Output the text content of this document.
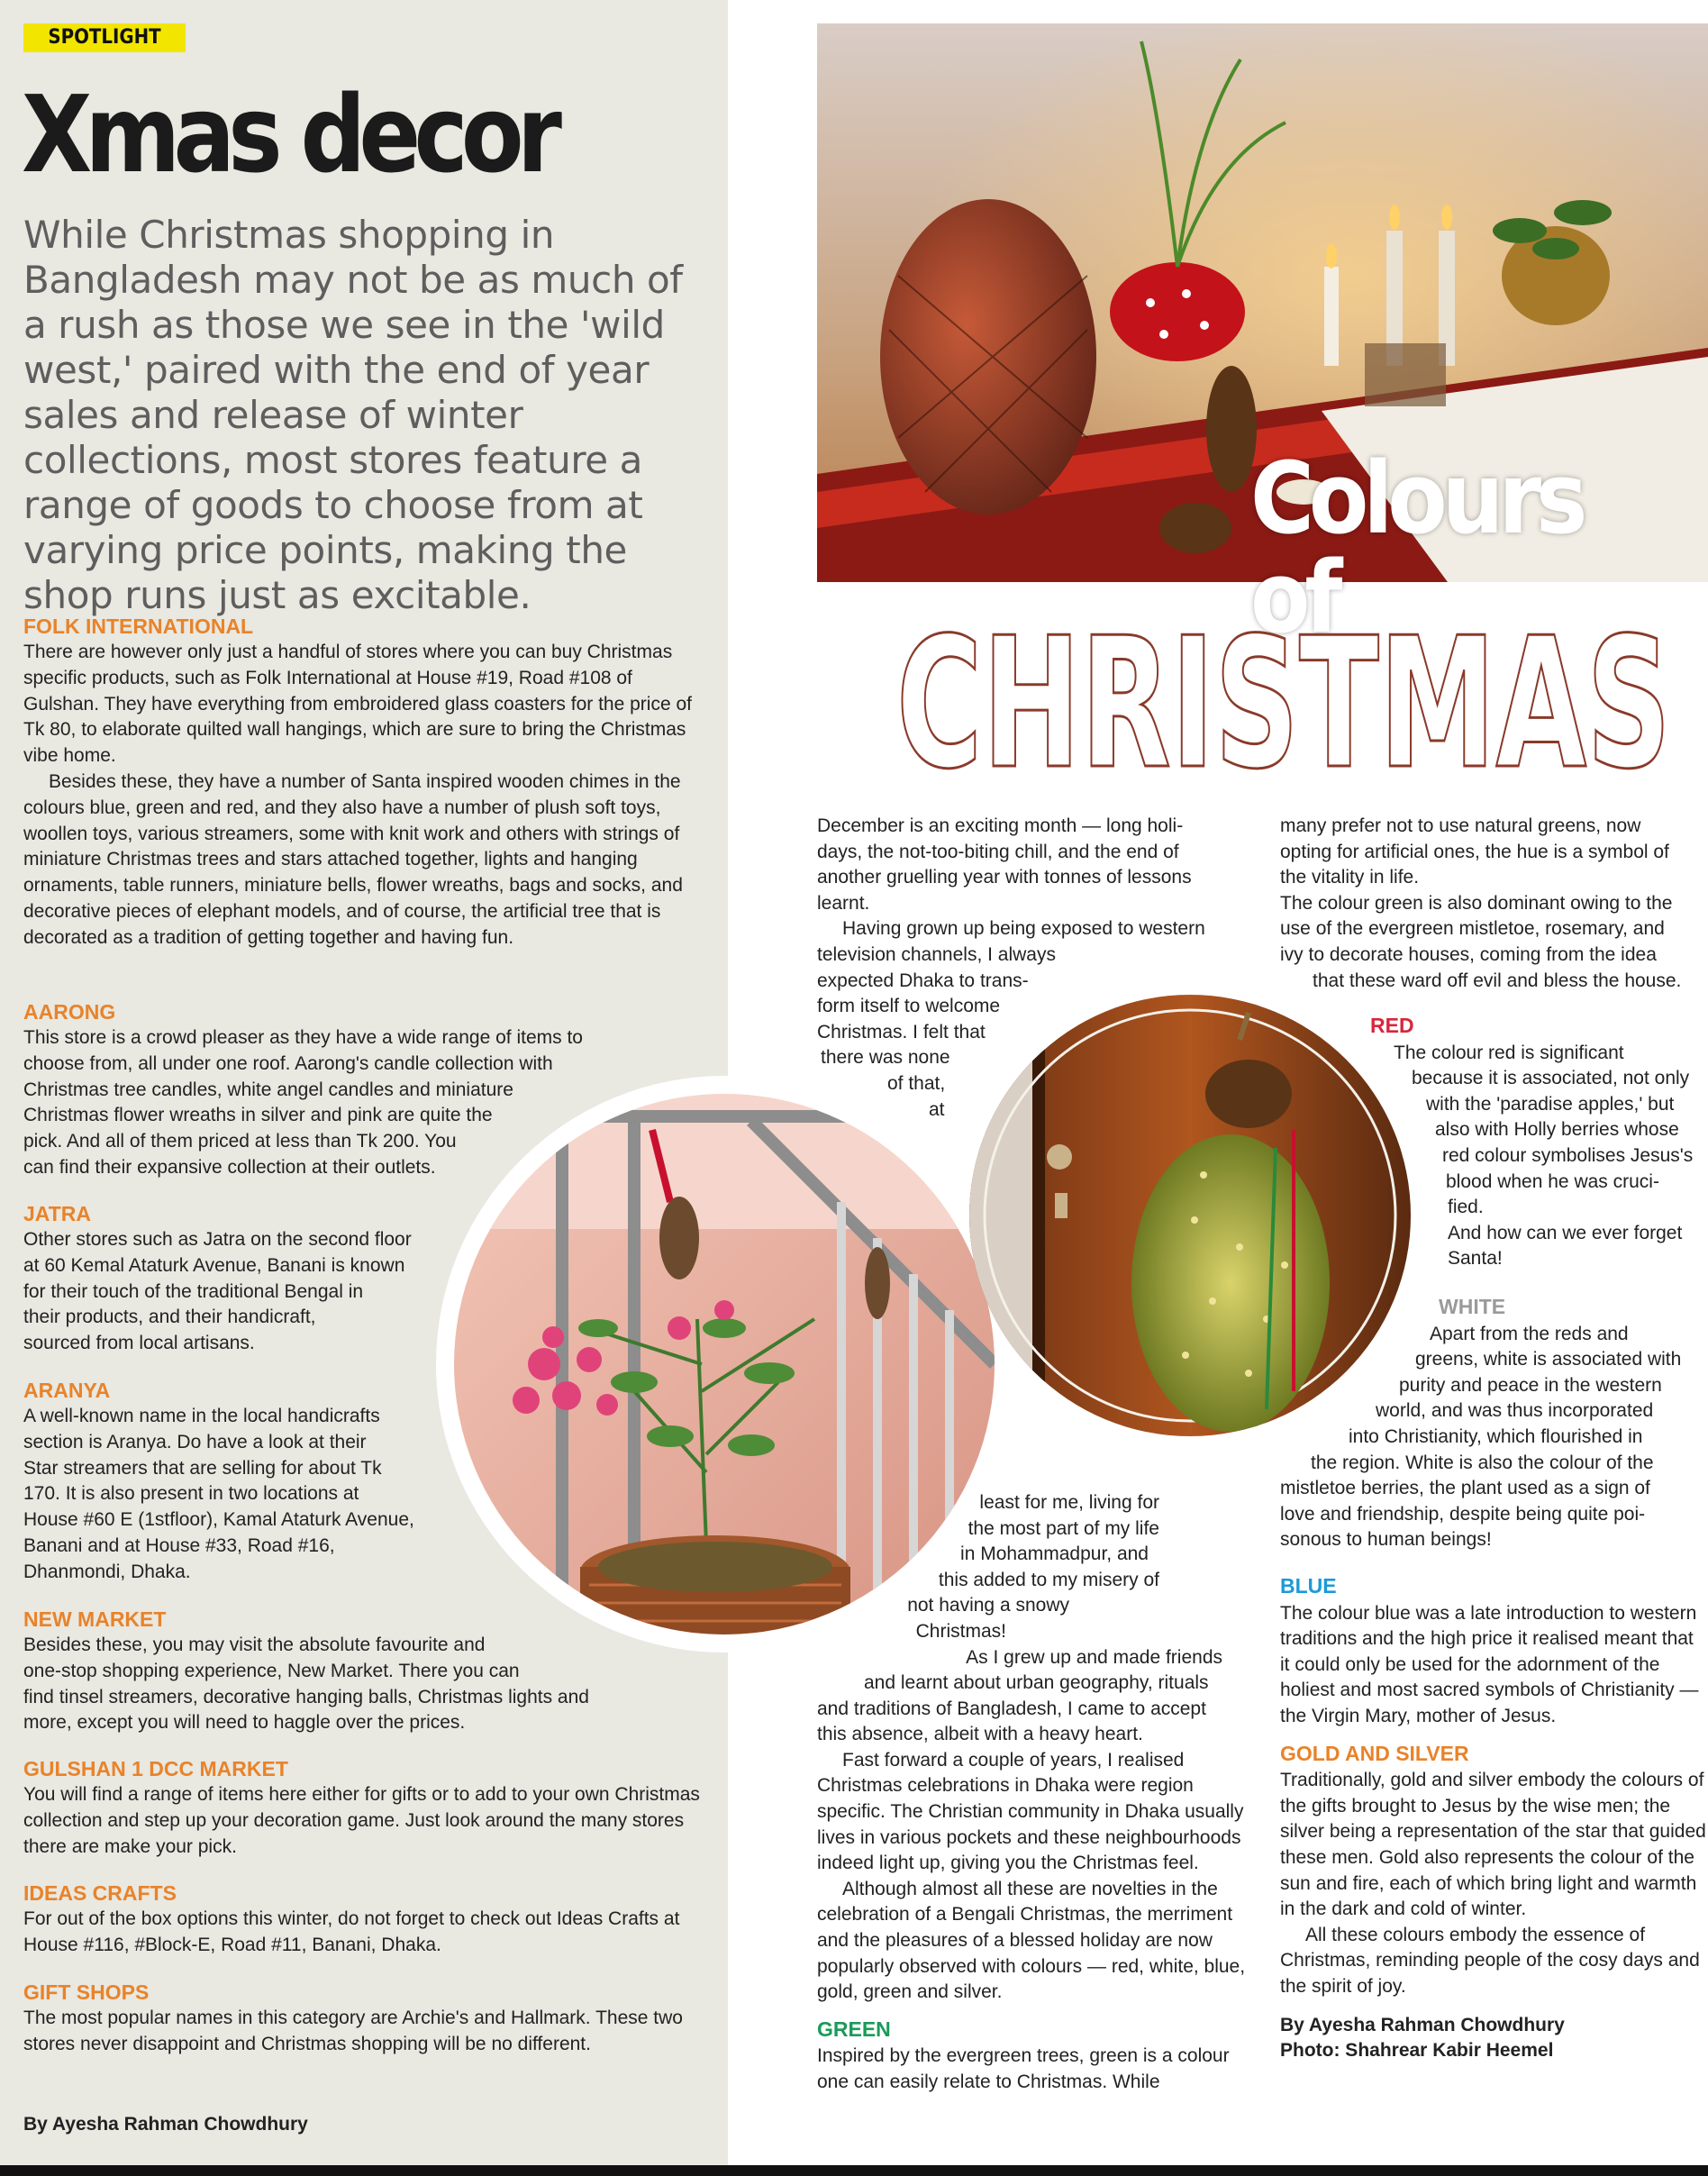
SPOTLIGHT
Xmas decor
While Christmas shopping in Bangladesh may not be as much of a rush as those we see in the 'wild west,' paired with the end of year sales and release of winter collections, most stores feature a range of goods to choose from at varying price points, making the shop runs just as excitable.
FOLK INTERNATIONAL
There are however only just a handful of stores where you can buy Christmas specific products, such as Folk International at House #19, Road #108 of Gulshan. They have everything from embroidered glass coasters for the price of Tk 80, to elaborate quilted wall hangings, which are sure to bring the Christmas vibe home.
Besides these, they have a number of Santa inspired wooden chimes in the colours blue, green and red, and they also have a number of plush soft toys, woollen toys, various streamers, some with knit work and others with strings of miniature Christmas trees and stars attached together, lights and hanging ornaments, table runners, miniature bells, flower wreaths, bags and socks, and decorative pieces of elephant models, and of course, the artificial tree that is decorated as a tradition of getting together and having fun.
AARONG
This store is a crowd pleaser as they have a wide range of items to
choose from, all under one roof. Aarong's candle collection with
Christmas tree candles, white angel candles and miniature
Christmas flower wreaths in silver and pink are quite the
pick. And all of them priced at less than Tk 200. You
can find their expansive collection at their outlets.
JATRA
Other stores such as Jatra on the second floor
at 60 Kemal Ataturk Avenue, Banani is known
for their touch of the traditional Bengal in
their products, and their handicraft,
sourced from local artisans.
ARANYA
A well-known name in the local handicrafts
section is Aranya. Do have a look at their
Star streamers that are selling for about Tk
170. It is also present in two locations at
House #60 E (1stfloor), Kamal Ataturk Avenue,
Banani and at House #33, Road #16,
Dhanmondi, Dhaka.
NEW MARKET
Besides these, you may visit the absolute favourite and
one-stop shopping experience, New Market. There you can
find tinsel streamers, decorative hanging balls, Christmas lights and
more, except you will need to haggle over the prices.
GULSHAN 1 DCC MARKET
You will find a range of items here either for gifts or to add to your own Christmas collection and step up your decoration game. Just look around the many stores there are make your pick.
IDEAS CRAFTS
For out of the box options this winter, do not forget to check out Ideas Crafts at House #116, #Block-E, Road #11, Banani, Dhaka.
GIFT SHOPS
The most popular names in this category are Archie's and Hallmark. These two stores never disappoint and Christmas shopping will be no different.
By Ayesha Rahman Chowdhury
Colours of
CHRISTMAS
December is an exciting month — long holi-
days, the not-too-biting chill, and the end of
another gruelling year with tonnes of lessons
learnt.
Having grown up being exposed to western
television channels, I always
expected Dhaka to trans-
form itself to welcome
Christmas. I felt that
there was none
of that,
at
least for me, living for
the most part of my life
in Mohammadpur, and
this added to my misery of
not having a snowy
Christmas!
As I grew up and made friends
and learnt about urban geography, rituals
and traditions of Bangladesh, I came to accept
this absence, albeit with a heavy heart.
Fast forward a couple of years, I realised Christmas celebrations in Dhaka were region specific. The Christian community in Dhaka usually lives in various pockets and these neighbourhoods indeed light up, giving you the Christmas feel.
Although almost all these are novelties in the celebration of a Bengali Christmas, the merriment and the pleasures of a blessed holiday are now popularly observed with colours — red, white, blue, gold, green and silver.
GREEN
Inspired by the evergreen trees, green is a colour one can easily relate to Christmas. While
many prefer not to use natural greens, now
opting for artificial ones, the hue is a symbol of
the vitality in life.
The colour green is also dominant owing to the
use of the evergreen mistletoe, rosemary, and
ivy to decorate houses, coming from the idea
that these ward off evil and bless the house.
RED
The colour red is significant
because it is associated, not only
with the 'paradise apples,' but
also with Holly berries whose
red colour symbolises Jesus's
blood when he was cruci-
fied.
And how can we ever forget
Santa!
WHITE
Apart from the reds and
greens, white is associated with
purity and peace in the western
world, and was thus incorporated
into Christianity, which flourished in
the region. White is also the colour of the
mistletoe berries, the plant used as a sign of
love and friendship, despite being quite poi-
sonous to human beings!
BLUE
The colour blue was a late introduction to western traditions and the high price it realised meant that it could only be used for the adornment of the holiest and most sacred symbols of Christianity — the Virgin Mary, mother of Jesus.
GOLD AND SILVER
Traditionally, gold and silver embody the colours of the gifts brought to Jesus by the wise men; the silver being a representation of the star that guided these men. Gold also represents the colour of the sun and fire, each of which bring light and warmth in the dark and cold of winter.
All these colours embody the essence of Christmas, reminding people of the cosy days and the spirit of joy.
By Ayesha Rahman Chowdhury
Photo: Shahrear Kabir Heemel
